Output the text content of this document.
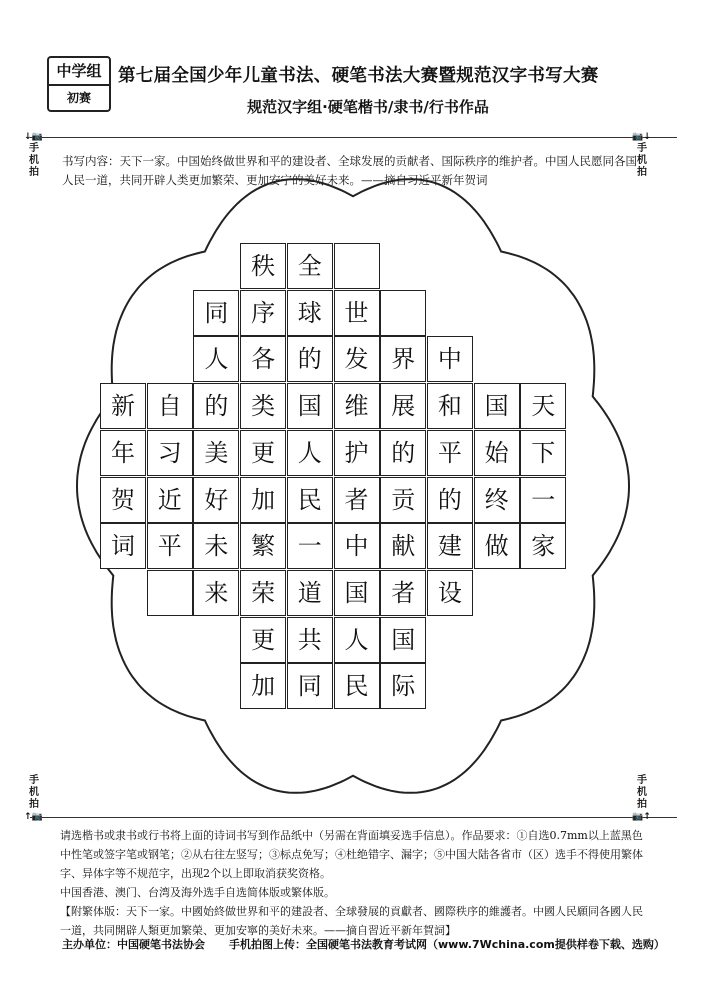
中学组
初赛
第七届全国少年儿童书法、硬笔书法大赛暨规范汉字书写大赛
规范汉字组·硬笔楷书/隶书/行书作品
↓📷
手机拍
📷↓
手机拍
手机拍
↑📷
手机拍
📷↑
书写内容：天下一家。中国始终做世界和平的建设者、全球发展的贡献者、国际秩序的维护者。中国人民愿同各国人民一道，共同开辟人类更加繁荣、更加安宁的美好未来。——摘自习近平新年贺词
秩 全
同 序 球 世
人 各 的 发 界 中
新 自 的 类 国 维 展 和 国 天
年 习 美 更 人 护 的 平 始 下
贺 近 好 加 民 者 贡 的 终 一
词 平 未 繁 一 中 献 建 做 家
来 荣 道 国 者 设
更 共 人 国
加 同 民 际

请选楷书或隶书或行书将上面的诗词书写到作品纸中（另需在背面填妥选手信息）。作品要求：①自选0.7mm以上蓝黑色中性笔或签字笔或钢笔；②从右往左竖写；③标点免写；④杜绝错字、漏字；⑤中国大陆各省市（区）选手不得使用繁体字、异体字等不规范字，出现2个以上即取消获奖资格。

中国香港、澳门、台湾及海外选手自选简体版或繁体版。

【附繁体版：天下一家。中國始終做世界和平的建設者、全球發展的貢獻者、國際秩序的維護者。中國人民願同各國人民一道，共同開辟人類更加繁榮、更加安寧的美好未來。——摘自習近平新年賀詞】

主办单位：中国硬笔书法协会 手机拍图上传：全国硬笔书法教育考试网（www.7Wchina.com提供样卷下载、选购）
